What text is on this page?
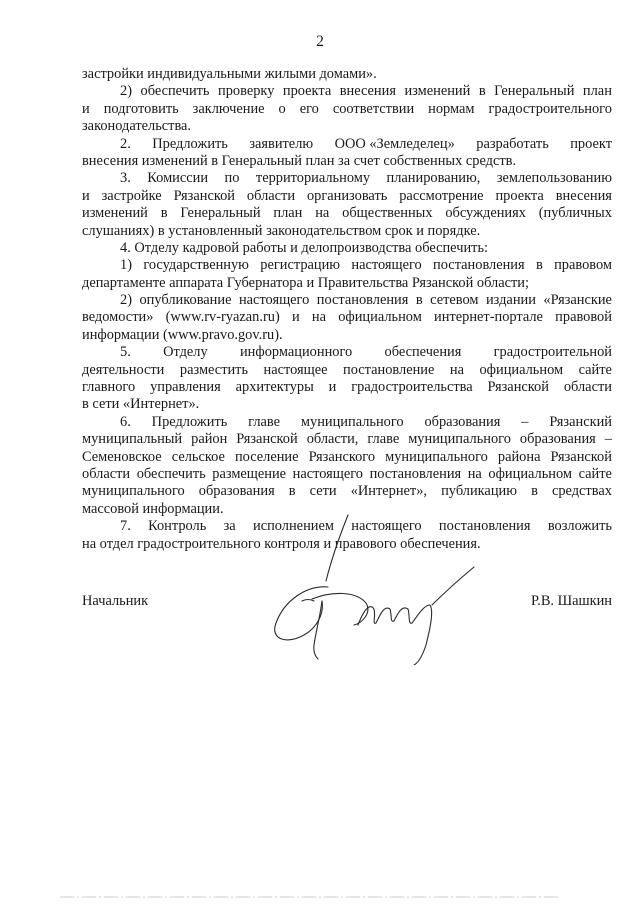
2
застройки индивидуальными жилыми домами».
2) обеспечить проверку проекта внесения изменений в Генеральный план
и подготовить заключение о его соответствии нормам градостроительного
законодательства.
2. Предложить заявителю ООО «Земледелец» разработать проект
внесения изменений в Генеральный план за счет собственных средств.
3. Комиссии по территориальному планированию, землепользованию
и застройке Рязанской области организовать рассмотрение проекта внесения
изменений в Генеральный план на общественных обсуждениях (публичных
слушаниях) в установленный законодательством срок и порядке.
4. Отделу кадровой работы и делопроизводства обеспечить:
1) государственную регистрацию настоящего постановления в правовом
департаменте аппарата Губернатора и Правительства Рязанской области;
2) опубликование настоящего постановления в сетевом издании «Рязанские
ведомости» (www.rv-ryazan.ru) и на официальном интернет-портале правовой
информации (www.pravo.gov.ru).
5. Отделу информационного обеспечения градостроительной
деятельности разместить настоящее постановление на официальном сайте
главного управления архитектуры и градостроительства Рязанской области
в сети «Интернет».
6. Предложить главе муниципального образования – Рязанский
муниципальный район Рязанской области, главе муниципального образования –
Семеновское сельское поселение Рязанского муниципального района Рязанской
области обеспечить размещение настоящего постановления на официальном сайте
муниципального образования в сети «Интернет», публикацию в средствах
массовой информации.
7. Контроль за исполнением настоящего постановления возложить
на отдел градостроительного контроля и правового обеспечения.
Начальник	Р.В. Шашкин
